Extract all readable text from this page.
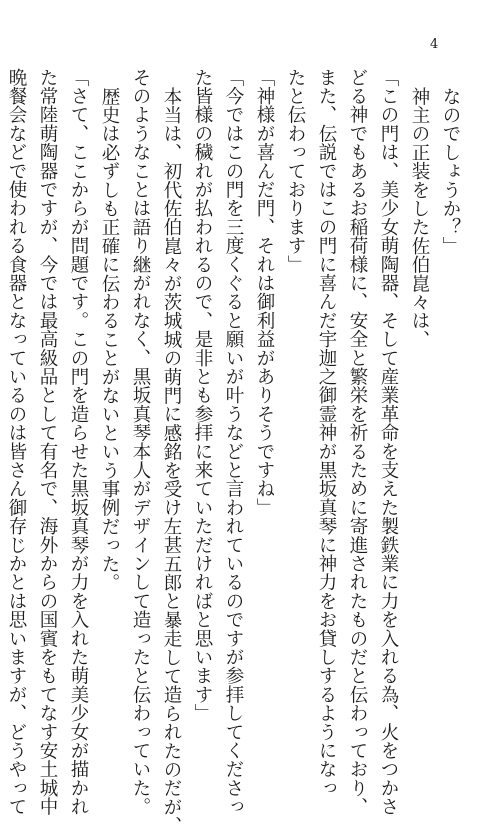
4
なのでしょうか？」
神主の正装をした佐伯崑々は、
「この門は、美少女萌陶器、そして産業革命を支えた製鉄業に力を入れる為、火をつかさ
どる神でもあるお稲荷様に、安全と繁栄を祈るために寄進されたものだと伝わっており、
また、伝説ではこの門に喜んだ宇迦之御霊神が黒坂真琴に神力をお貸しするようになっ
たと伝わっております」
「神様が喜んだ門、それは御利益がありそうですね」
「今ではこの門を三度くぐると願いが叶うなどと言われているのですが参拝してくださっ
た皆様の穢れが払われるので、是非とも参拝に来ていただければと思います」
本当は、初代佐伯崑々が茨城城の萌門に感銘を受け左甚五郎と暴走して造られたのだが、
そのようなことは語り継がれなく、黒坂真琴本人がデザインして造ったと伝わっていた。
歴史は必ずしも正確に伝わることがないという事例だった。
「さて、ここからが問題です。この門を造らせた黒坂真琴が力を入れた萌美少女が描かれ
た常陸萌陶器ですが、今では最高級品として有名で、海外からの国賓をもてなす安土城中
晩餐会などで使われる食器となっているのは皆さん御存じかとは思いますが、どうやって
